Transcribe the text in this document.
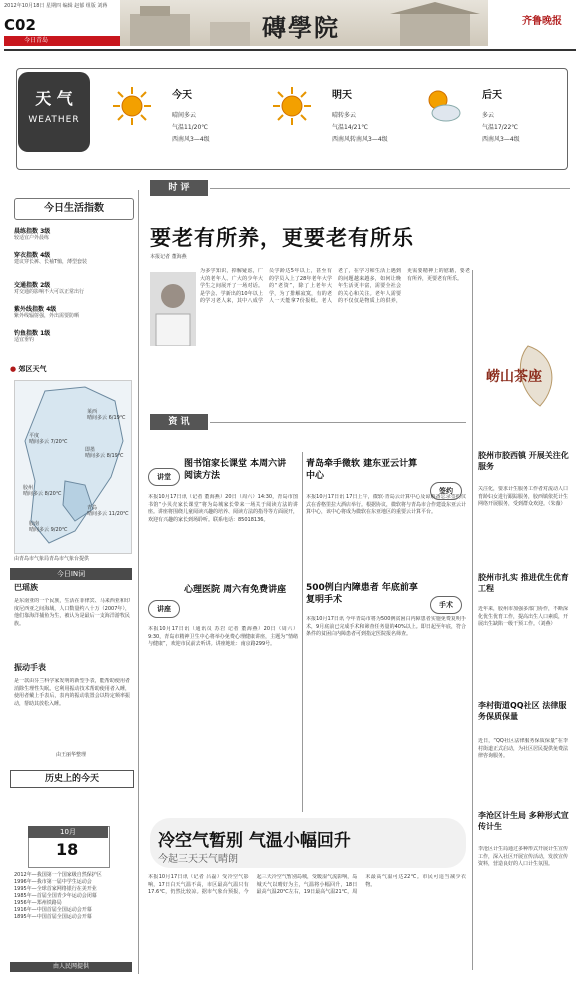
2012年10月18日 星期四 编辑 赵郁 组版 刘蒋
C02
今日青岛	磚學院	齐鲁晚报
天 气
WEATHER
今天
晴间多云
气温11/20℃
西南风3—4级
明天
晴转多云
气温14/21℃
西南风转南风3—4级
后天
多云
气温17/22℃
西南风3—4级
今日生活指数
晨练指数 3级
较适宜户外晨练
穿衣指数 4级
建议穿长裤、长袖T恤，薄型套装
交通指数 2级
对交通的影响不大可以正常出行
紫外线指数 4级
紫外线辐射强，外出需要防晒
钓鱼指数 1级
适宜垂钓
● 郊区天气
平度
晴间多云 7/20℃
莱西
晴间多云 6/19℃
即墨
晴间多云 8/19℃
胶州
晴间多云 8/20℃
胶南
晴间多云 9/20℃
青岛
晴间多云 11/20℃
由青岛市气象局青岛市气象台提供
今日IN词
巴瑶族
是东南亚的一个民族，生活在菲律宾、马来西亚和印度尼西亚之间海域，人口数量约八十万（2007年），他们靠海洋捕鱼为生，被认为是最后一支海洋游牧民族。
振动手表
是一款由芬兰科学家发明的新型手表，能帮助使用者消除生理性失眠。它利用振动技术帮助使用者入睡，使用者戴上手表后，表内的振动装置会以特定频率振动，帮助其放松入睡。
由王丽华整理
历史上的今天
10月
18
2012年—我国第一个国家级自然保护区
1996年—我市第一届中学生运动会
1995年—全球首家网络银行在美开业
1985年—首届全国青少年运动会闭幕
1956年—郑州铁路局
1916年—中国首届全国运动会开幕
1895年—中国首届全国运动会开幕
由人民网提供
时 评
要老有所养，更要老有所乐
本报记者 董海燕
为多学知识，掉解疑虑，广大的老年人、广大的少年大学生之间展开了一场对话。是学会、学新出的10年以上的学习老人来，其中八成学员学龄达5年以上，甚至有的学员入上了28年老年大学的“老资”，除了上老年大学，为了排解寂寞，有的老人一天能拿7份报纸。老人老了，在学习和生活上遇到的问题越来越多，如何让晚年生活更丰富，需要全社会的关心和关注。老年人需要的不仅仅是物质上的供养，更需要精神上的慰藉，要老有所养，更要老有所乐。
崂山茶座
胶州市胶西镇 开展关注化服务
关注化，要求计生服务工作者对流动人口育龄妇女进行跟踪服务，胶西镇依托计生网络开展服务，受到群众欢迎。（朱薇）
胶州市扎实 推进优生优育工程
近年来，胶州市加强多部门协作，不断深化优生优育工作，提高出生人口素质，开展出生缺陷一级干预工作。（刘燕）
李村街道QQ社区 法律服务保质保量
近日，“QQ社区法律服务保质保量”在李村街道正式启动，为社区居民提供免费法律咨询服务。
李沧区计生局 多种形式宣传计生
李沧区计生局通过多种形式开展计生宣传工作，深入社区开展宣传活动，发放宣传资料，营造良好的人口计生氛围。
资 讯
讲堂
图书馆家长课堂 本周六讲阅读方法
本报10月17日讯（记者 董海燕）20日（周六）14:30，青岛市图书馆“小贝壳家长课堂”将为岛城家长带来一场关于阅读方法的讲座。讲座将围绕儿童阅读兴趣的培养、阅读方法的指导等方面展开，欢迎有兴趣的家长到场聆听。联系电话：85018136。
签约
青岛牵手微软 建东亚云计算中心
本报10月17日讯 17日上午，微软·青岛云计算中心及谅解备忘录签约仪式在香格里拉大酒店举行。根据协议，微软将与青岛市合作建设东亚云计算中心，该中心将成为微软在东亚地区的重要云计算平台。
讲座
心理医院 周六有免费讲座
本报10月17日讯（通讯员 苏岩 记者 董海燕）20日（周六）9:30，青岛市精神卫生中心将举办免费心理健康讲座，主题为“情绪与健康”，欢迎市民前去听讲。讲座地址：南京路299号。
手术
500例白内障患者 年底前享复明手术
本报10月17日讯 今年青岛市将为500例贫困白内障患者实施免费复明手术，9月底前已完成手术和筛查任务量的40%以上。即日起至年底，符合条件的贫困白内障患者可到指定医院报名筛查。
冷空气暂别 气温小幅回升
今起三天天气晴朗
本报10月17日讯（记者 吕磊）受冷空气影响，17日白天气温不高，市区最高气温只有17.6℃，仍然比较凉。据市气象台预报，今起三天冷空气暂别岛城，受暖湿气流影响，岛城天气以晴好为主，气温将小幅回升，18日最高气温20℃左右，19日最高气温21℃，周末最高气温可达22℃。市民可适当减少衣物。
